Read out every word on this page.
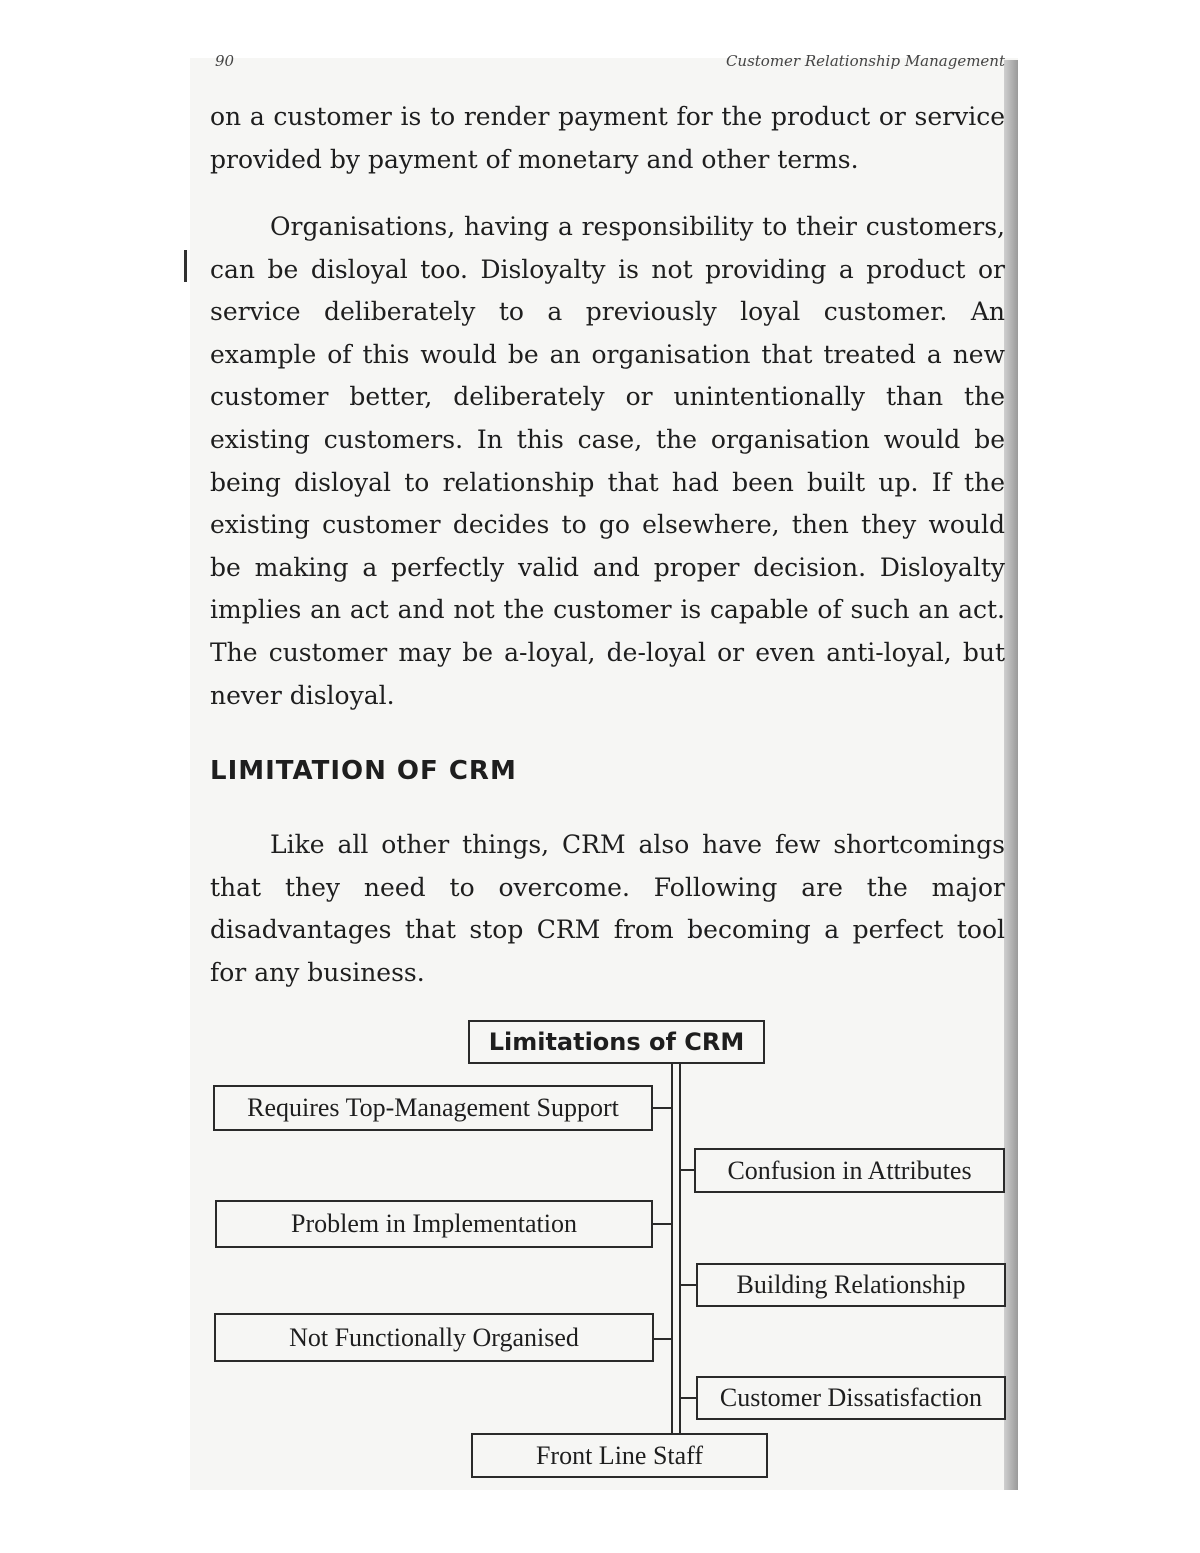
90	Customer Relationship Management

on a customer is to render payment for the product or service provided by payment of monetary and other terms.

Organisations, having a responsibility to their customers, can be disloyal too. Disloyalty is not providing a product or service deliberately to a previously loyal customer. An example of this would be an organisation that treated a new customer better, deliberately or unintentionally than the existing customers. In this case, the organisation would be being disloyal to relationship that had been built up. If the existing customer decides to go elsewhere, then they would be making a perfectly valid and proper decision. Disloyalty implies an act and not the customer is capable of such an act. The customer may be a-loyal, de-loyal or even anti-loyal, but never disloyal.

LIMITATION OF CRM

Like all other things, CRM also have few shortcomings that they need to overcome. Following are the major disadvantages that stop CRM from becoming a perfect tool for any business.

Limitations of CRM
Requires Top-Management Support
Problem in Implementation
Not Functionally Organised
Confusion in Attributes
Building Relationship
Customer Dissatisfaction
Front Line Staff
